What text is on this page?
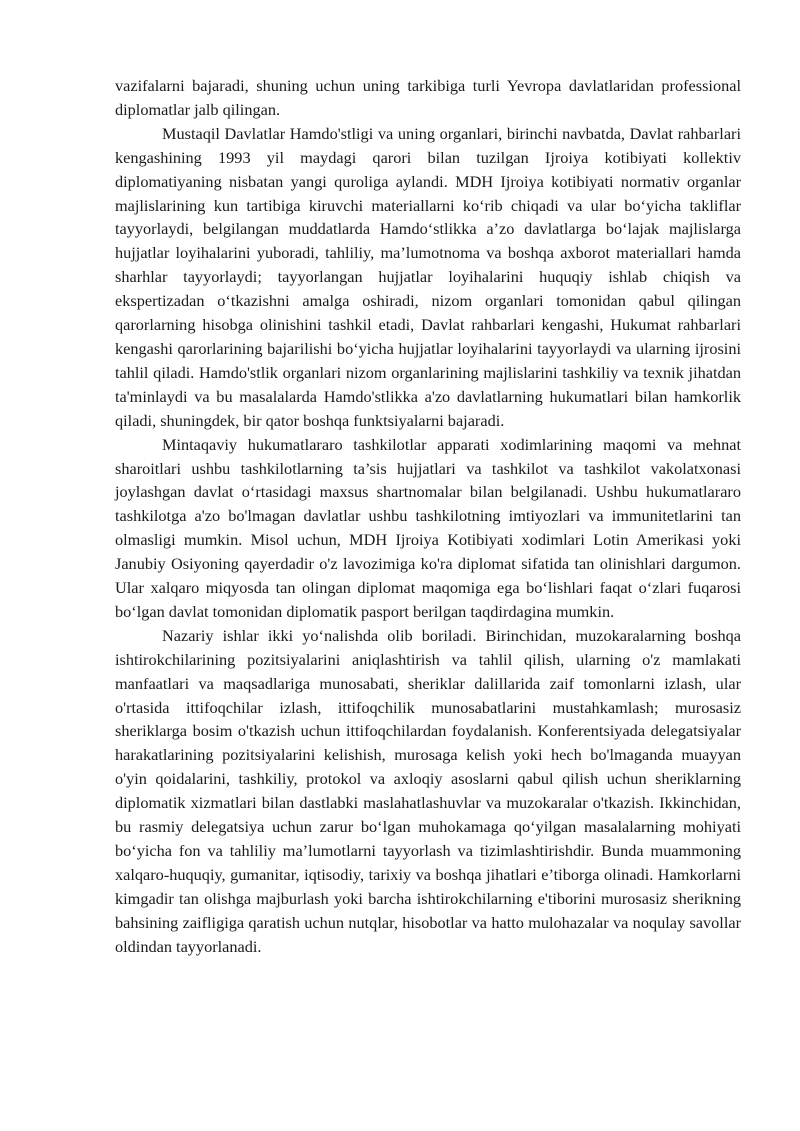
vazifalarni bajaradi, shuning uchun uning tarkibiga turli Yevropa davlatlaridan professional diplomatlar jalb qilingan.

Mustaqil Davlatlar Hamdo'stligi va uning organlari, birinchi navbatda, Davlat rahbarlari kengashining 1993 yil maydagi qarori bilan tuzilgan Ijroiya kotibiyati kollektiv diplomatiyaning nisbatan yangi quroliga aylandi. MDH Ijroiya kotibiyati normativ organlar majlislarining kun tartibiga kiruvchi materiallarni ko‘rib chiqadi va ular bo‘yicha takliflar tayyorlaydi, belgilangan muddatlarda Hamdo‘stlikka a’zo davlatlarga bo‘lajak majlislarga hujjatlar loyihalarini yuboradi, tahliliy, ma’lumotnoma va boshqa axborot materiallari hamda sharhlar tayyorlaydi; tayyorlangan hujjatlar loyihalarini huquqiy ishlab chiqish va ekspertizadan o‘tkazishni amalga oshiradi, nizom organlari tomonidan qabul qilingan qarorlarning hisobga olinishini tashkil etadi, Davlat rahbarlari kengashi, Hukumat rahbarlari kengashi qarorlarining bajarilishi bo‘yicha hujjatlar loyihalarini tayyorlaydi va ularning ijrosini tahlil qiladi. Hamdo'stlik organlari nizom organlarining majlislarini tashkiliy va texnik jihatdan ta'minlaydi va bu masalalarda Hamdo'stlikka a'zo davlatlarning hukumatlari bilan hamkorlik qiladi, shuningdek, bir qator boshqa funktsiyalarni bajaradi.

Mintaqaviy hukumatlararo tashkilotlar apparati xodimlarining maqomi va mehnat sharoitlari ushbu tashkilotlarning ta’sis hujjatlari va tashkilot va tashkilot vakolatxonasi joylashgan davlat o‘rtasidagi maxsus shartnomalar bilan belgilanadi. Ushbu hukumatlararo tashkilotga a'zo bo'lmagan davlatlar ushbu tashkilotning imtiyozlari va immunitetlarini tan olmasligi mumkin. Misol uchun, MDH Ijroiya Kotibiyati xodimlari Lotin Amerikasi yoki Janubiy Osiyoning qayerdadir o'z lavozimiga ko'ra diplomat sifatida tan olinishlari dargumon. Ular xalqaro miqyosda tan olingan diplomat maqomiga ega bo‘lishlari faqat o‘zlari fuqarosi bo‘lgan davlat tomonidan diplomatik pasport berilgan taqdirdagina mumkin.

Nazariy ishlar ikki yo‘nalishda olib boriladi. Birinchidan, muzokaralarning boshqa ishtirokchilarining pozitsiyalarini aniqlashtirish va tahlil qilish, ularning o'z mamlakati manfaatlari va maqsadlariga munosabati, sheriklar dalillarida zaif tomonlarni izlash, ular o'rtasida ittifoqchilar izlash, ittifoqchilik munosabatlarini mustahkamlash; murosasiz sheriklarga bosim o'tkazish uchun ittifoqchilardan foydalanish. Konferentsiyada delegatsiyalar harakatlarining pozitsiyalarini kelishish, murosaga kelish yoki hech bo'lmaganda muayyan o'yin qoidalarini, tashkiliy, protokol va axloqiy asoslarni qabul qilish uchun sheriklarning diplomatik xizmatlari bilan dastlabki maslahatlashuvlar va muzokaralar o'tkazish. Ikkinchidan, bu rasmiy delegatsiya uchun zarur bo‘lgan muhokamaga qo‘yilgan masalalarning mohiyati bo‘yicha fon va tahliliy ma’lumotlarni tayyorlash va tizimlashtirishdir. Bunda muammoning xalqaro-huquqiy, gumanitar, iqtisodiy, tarixiy va boshqa jihatlari e’tiborga olinadi. Hamkorlarni kimgadir tan olishga majburlash yoki barcha ishtirokchilarning e'tiborini murosasiz sherikning bahsining zaifligiga qaratish uchun nutqlar, hisobotlar va hatto mulohazalar va noqulay savollar oldindan tayyorlanadi.
